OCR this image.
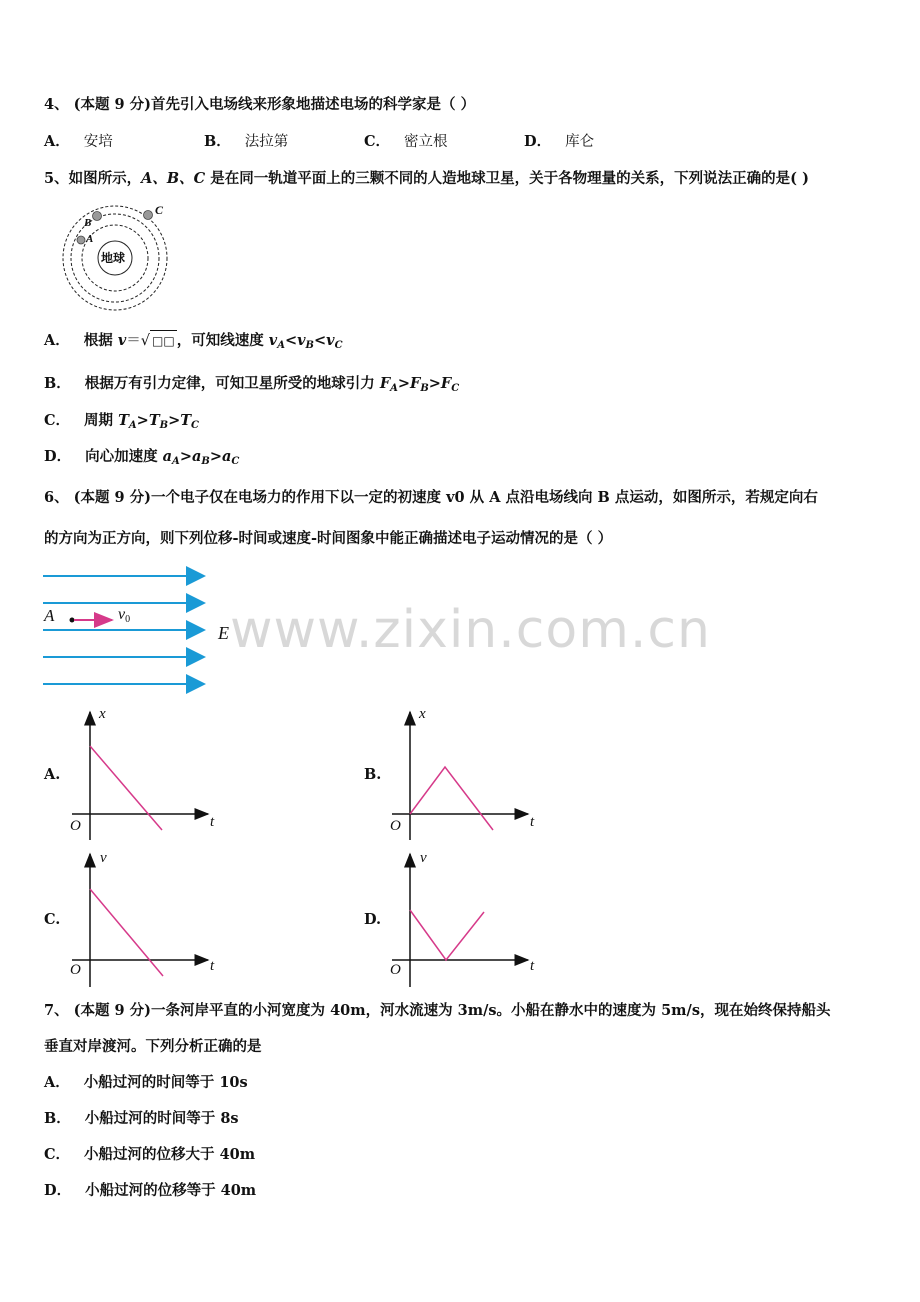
www.zixin.com.cn
4、 (本题 9 分)首先引入电场线来形象地描述电场的科学家是（ ）
A． 安培	B． 法拉第	C． 密立根	D． 库仑
5、如图所示，A、B、C 是在同一轨道平面上的三颗不同的人造地球卫星，关于各物理量的关系，下列说法正确的是( )
地球
A
B
C
A． 根据 v＝√ □□ ，可知线速度 $v_A<v_B<v_C$
B． 根据万有引力定律，可知卫星所受的地球引力 $F_A>F_B>F_C$
C． 周期 $T_A>T_B>T_C$
D． 向心加速度 $a_A>a_B>a_C$
6、 (本题 9 分)一个电子仅在电场力的作用下以一定的初速度 v0 从 A 点沿电场线向 B 点运动，如图所示，若规定向右
的方向为正方向，则下列位移-时间或速度-时间图象中能正确描述电子运动情况的是（ ）
A	$v_0$
E
A.
x
t
O
B.
x
t
O
C.
v
t
O
D.
v
t
O
7、 (本题 9 分)一条河岸平直的小河宽度为 40m，河水流速为 3m/s。小船在静水中的速度为 5m/s，现在始终保持船头
垂直对岸渡河。下列分析正确的是
A． 小船过河的时间等于 10s
B． 小船过河的时间等于 8s
C． 小船过河的位移大于 40m
D． 小船过河的位移等于 40m
